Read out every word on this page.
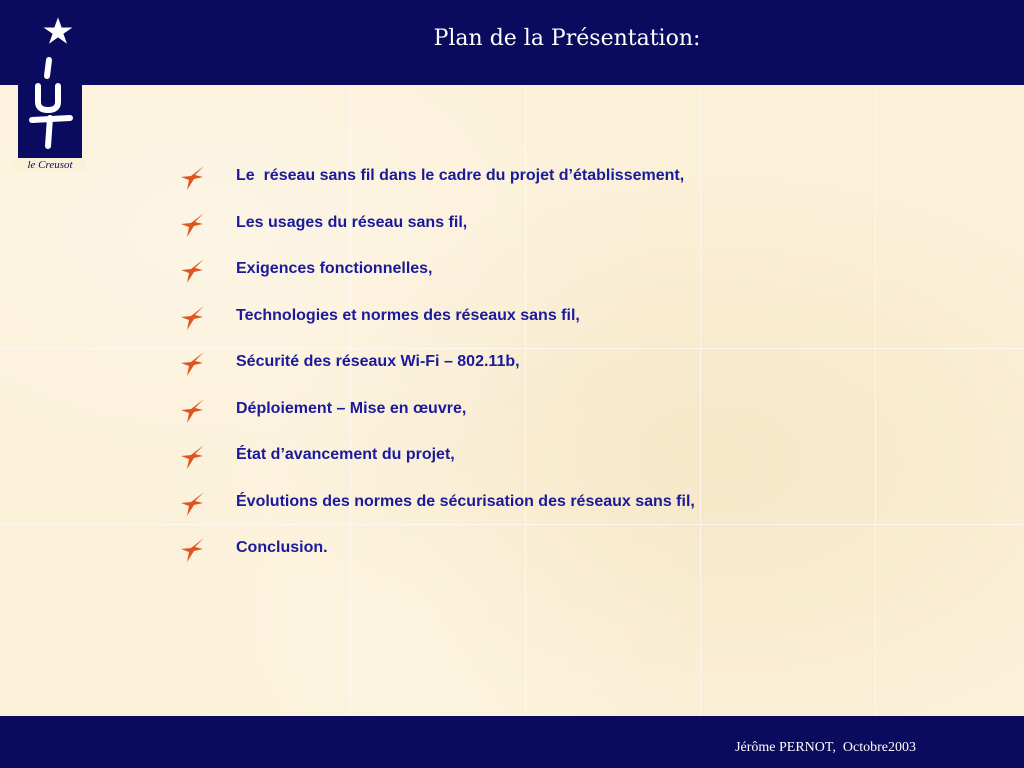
Plan de la Présentation:
le Creusot
Le  réseau sans fil dans le cadre du projet d’établissement,
Les usages du réseau sans fil,
Exigences fonctionnelles,
Technologies et normes des réseaux sans fil,
Sécurité des réseaux Wi-Fi – 802.11b,
Déploiement – Mise en œuvre,
État d’avancement du projet,
Évolutions des normes de sécurisation des réseaux sans fil,
Conclusion.
Jérôme PERNOT,  Octobre2003
